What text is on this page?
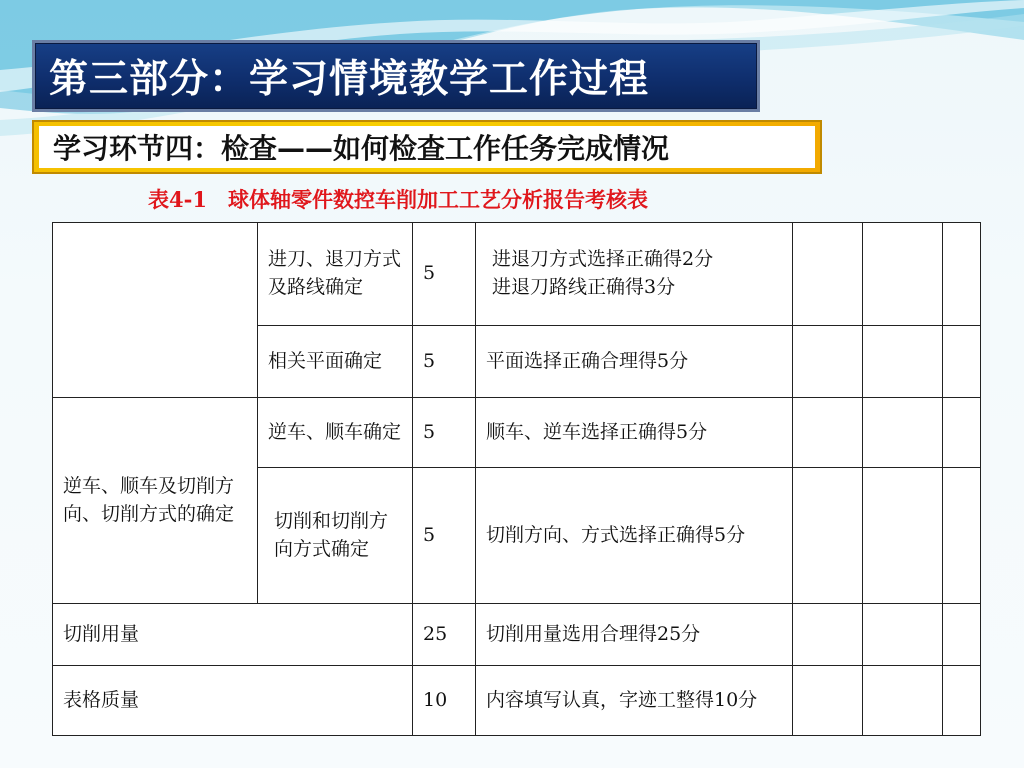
第三部分：学习情境教学工作过程
学习环节四：检查——如何检查工作任务完成情况
表4-1　球体轴零件数控车削加工工艺分析报告考核表
	进刀、退刀方式及路线确定	5	进退刀方式选择正确得2分
进退刀路线正确得3分			

	相关平面确定	5	平面选择正确合理得5分			
逆车、顺车及切削方向、切削方式的确定	逆车、顺车确定	5	顺车、逆车选择正确得5分			

	切削和切削方
向方式确定	5	切削方向、方式选择正确得5分			
切削用量		25	切削用量选用合理得25分			
表格质量		10	内容填写认真，字迹工整得10分			
